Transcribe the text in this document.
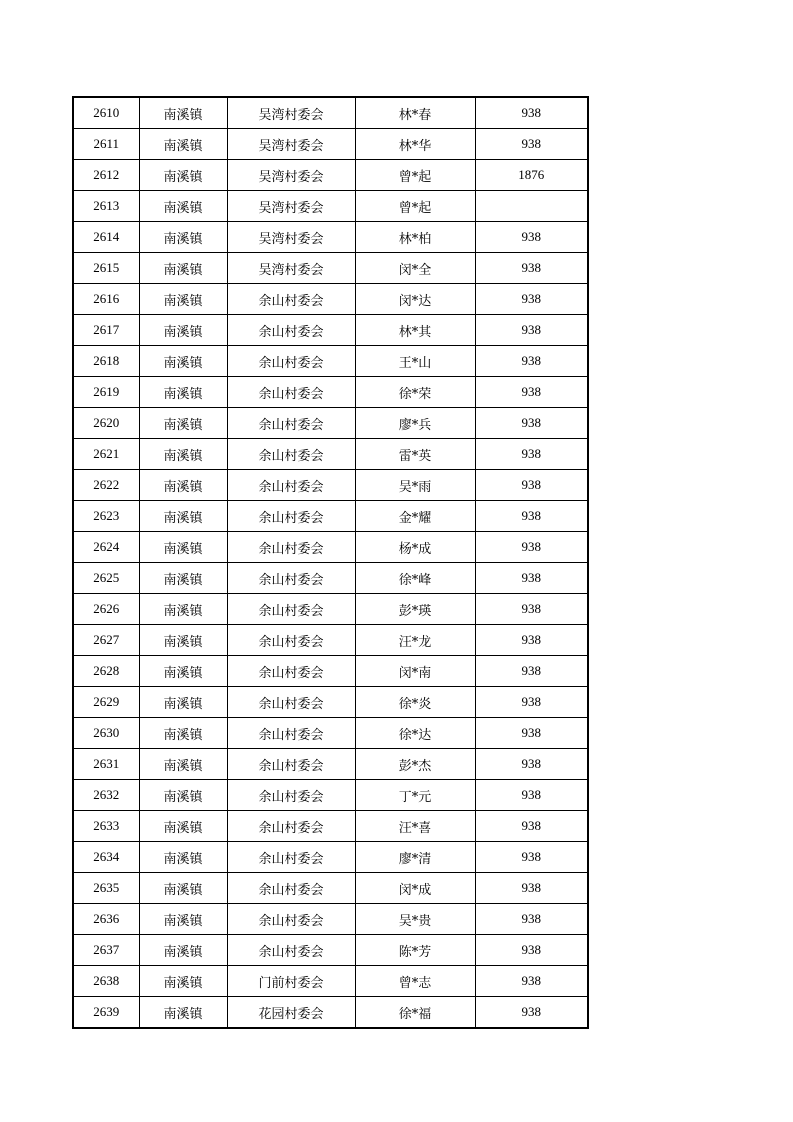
2610	南溪镇	吴湾村委会	林*春	938
2611	南溪镇	吴湾村委会	林*华	938
2612	南溪镇	吴湾村委会	曾*起	1876
2613	南溪镇	吴湾村委会	曾*起	
2614	南溪镇	吴湾村委会	林*柏	938
2615	南溪镇	吴湾村委会	闵*全	938
2616	南溪镇	余山村委会	闵*达	938
2617	南溪镇	余山村委会	林*其	938
2618	南溪镇	余山村委会	王*山	938
2619	南溪镇	余山村委会	徐*荣	938
2620	南溪镇	余山村委会	廖*兵	938
2621	南溪镇	余山村委会	雷*英	938
2622	南溪镇	余山村委会	吴*雨	938
2623	南溪镇	余山村委会	金*耀	938
2624	南溪镇	余山村委会	杨*成	938
2625	南溪镇	余山村委会	徐*峰	938
2626	南溪镇	余山村委会	彭*瑛	938
2627	南溪镇	余山村委会	汪*龙	938
2628	南溪镇	余山村委会	闵*南	938
2629	南溪镇	余山村委会	徐*炎	938
2630	南溪镇	余山村委会	徐*达	938
2631	南溪镇	余山村委会	彭*杰	938
2632	南溪镇	余山村委会	丁*元	938
2633	南溪镇	余山村委会	汪*喜	938
2634	南溪镇	余山村委会	廖*清	938
2635	南溪镇	余山村委会	闵*成	938
2636	南溪镇	余山村委会	吴*贵	938
2637	南溪镇	余山村委会	陈*芳	938
2638	南溪镇	门前村委会	曾*志	938
2639	南溪镇	花园村委会	徐*福	938
